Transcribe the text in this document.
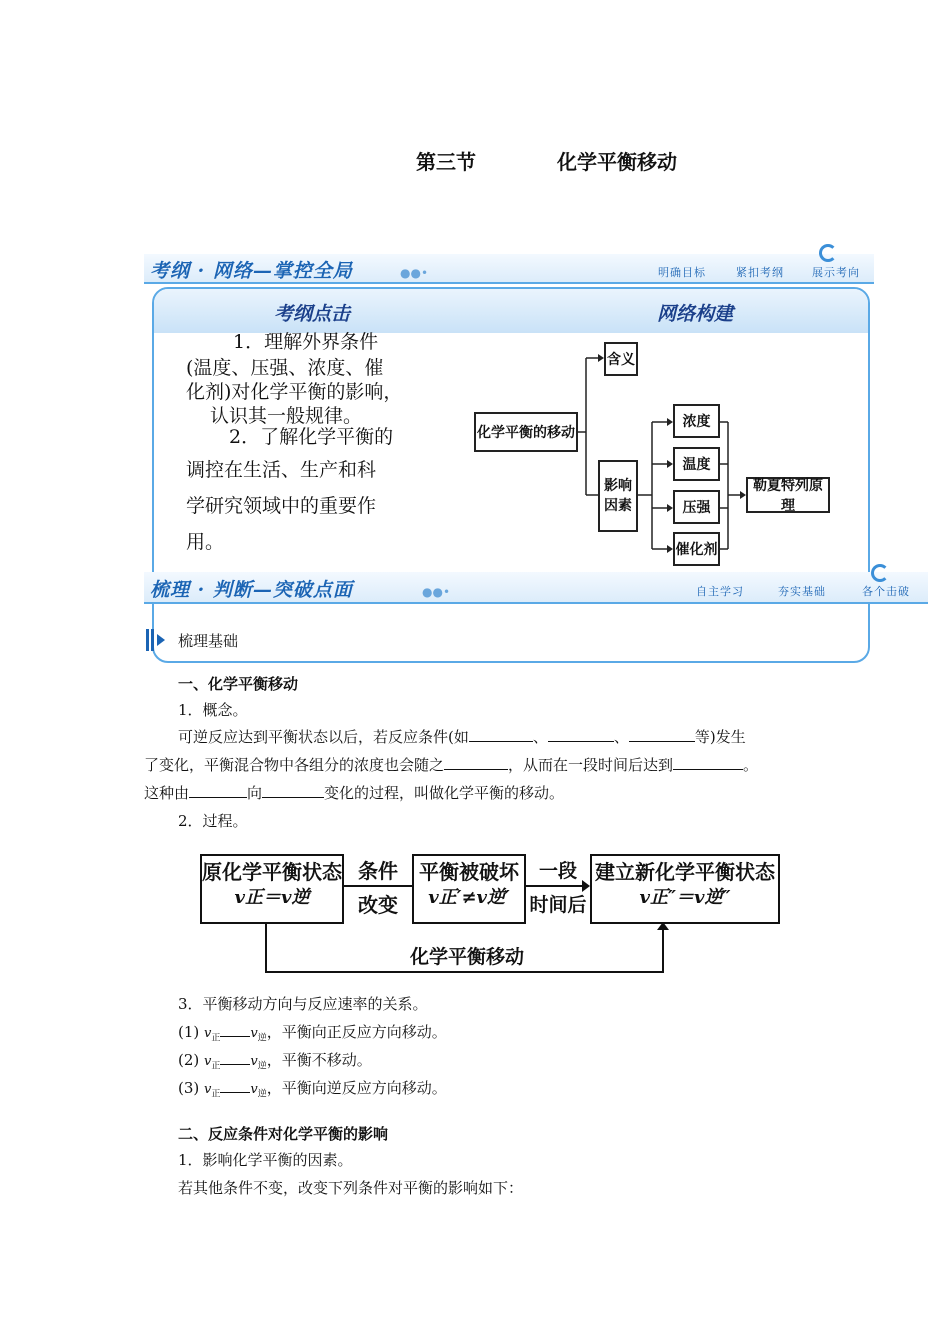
第三节	化学平衡移动
考纲 · 网络—掌控全局	●●•	明确目标	紧扣考纲	展示考向
考纲点击	网络构建
1．理解外界条件
(温度、压强、浓度、催
化剂)对化学平衡的影响，
认识其一般规律。
2．了解化学平衡的
调控在生活、生产和科
学研究领域中的重要作
用。
化学平衡的移动
含义
影响
因素
浓度
温度
压强
催化剂
勒夏特列原理
梳理 · 判断—突破点面	●●•	自主学习	夯实基础	各个击破
梳理基础
一、化学平衡移动
1．概念。
可逆反应达到平衡状态以后，若反应条件(如	、	、	等)发生
了变化，平衡混合物中各组分的浓度也会随之	，从而在一段时间后达到	。
这种由	向	变化的过程，叫做化学平衡的移动。
2．过程。
原化学平衡状态
v正＝v逆
条件
改变
平衡被破坏
v正′≠v逆′
一段
时间后
建立新化学平衡状态
v正″＝v逆″
化学平衡移动
3．平衡移动方向与反应速率的关系。
(1) $v_正$ $v_逆$，平衡向正反应方向移动。
(2) $v_正$ $v_逆$，平衡不移动。
(3) $v_正$ $v_逆$，平衡向逆反应方向移动。
二、反应条件对化学平衡的影响
1．影响化学平衡的因素。
若其他条件不变，改变下列条件对平衡的影响如下：
